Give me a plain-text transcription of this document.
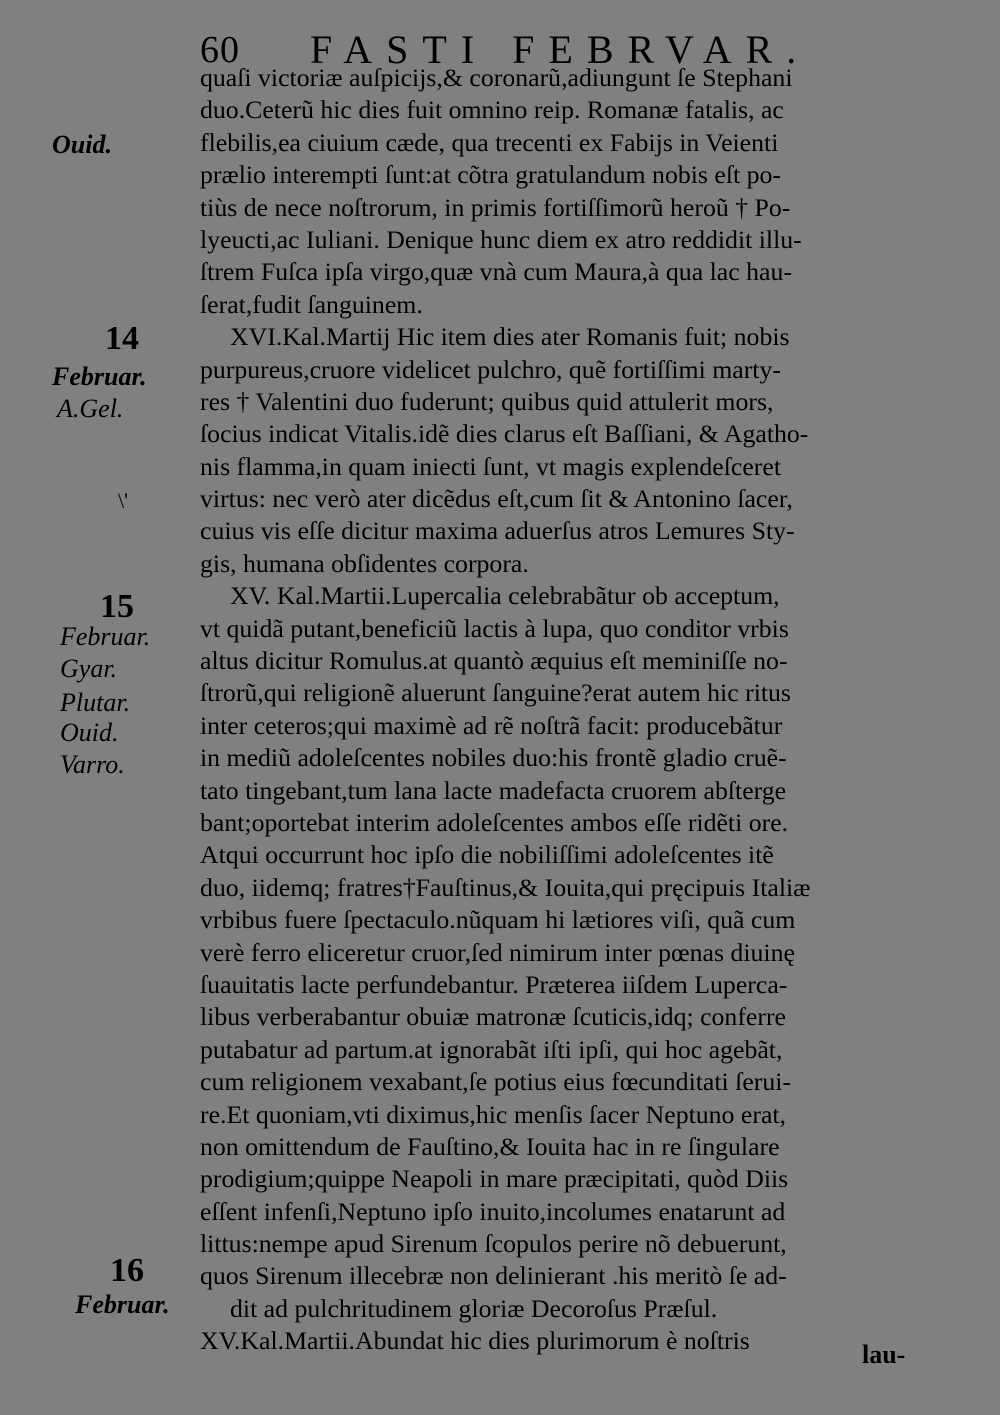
60 FASTI FEBRVAR.
quaſi victoriæ auſpicijs,& coronarũ,adiungunt ſe Stephani
duo.Ceterũ hic dies fuit omnino reip. Romanæ fatalis, ac
flebilis,ea ciuium cæde, qua trecenti ex Fabijs in Veienti
prælio interempti ſunt:at cõtra gratulandum nobis eſt po-
tiùs de nece noſtrorum, in primis fortiſſimorũ heroũ † Po-
lyeucti,ac Iuliani. Denique hunc diem ex atro reddidit illu-
ſtrem Fuſca ipſa virgo,quæ vnà cum Maura,à qua lac hau-
ſerat,fudit ſanguinem.
XVI.Kal.Martij Hic item dies ater Romanis fuit; nobis
purpureus,cruore videlicet pulchro, quẽ fortiſſimi marty-
res † Valentini duo fuderunt; quibus quid attulerit mors,
ſocius indicat Vitalis.idẽ dies clarus eſt Baſſiani, & Agatho-
nis flamma,in quam iniecti ſunt, vt magis explendeſceret
virtus: nec verò ater dicẽdus eſt,cum ſit & Antonino ſacer,
cuius vis eſſe dicitur maxima aduerſus atros Lemures Sty-
gis, humana obſidentes corpora.
XV. Kal.Martii.Lupercalia celebrabãtur ob acceptum,
vt quidã putant,beneficiũ lactis à lupa, quo conditor vrbis
altus dicitur Romulus.at quantò æquius eſt meminiſſe no-
ſtrorũ,qui religionẽ aluerunt ſanguine?erat autem hic ritus
inter ceteros;qui maximè ad rẽ noſtrã facit: producebãtur
in mediũ adoleſcentes nobiles duo:his frontẽ gladio cruẽ-
tato tingebant,tum lana lacte madefacta cruorem abſterge
bant;oportebat interim adoleſcentes ambos eſſe ridẽti ore.
Atqui occurrunt hoc ipſo die nobiliſſimi adoleſcentes itẽ
duo, iidemq; fratres†Fauſtinus,& Iouita,qui pręcipuis Italiæ
vrbibus fuere ſpectaculo.nũquam hi lætiores viſi, quã cum
verè ferro eliceretur cruor,ſed nimirum inter pœnas diuinę
ſuauitatis lacte perfundebantur. Præterea iiſdem Luperca-
libus verberabantur obuiæ matronæ ſcuticis,idq; conferre
putabatur ad partum.at ignorabãt iſti ipſi, qui hoc agebãt,
cum religionem vexabant,ſe potius eius fœcunditati ſerui-
re.Et quoniam,vti diximus,hic menſis ſacer Neptuno erat,
non omittendum de Fauſtino,& Iouita hac in re ſingulare
prodigium;quippe Neapoli in mare præcipitati, quòd Diis
eſſent infenſi,Neptuno ipſo inuito,incolumes enatarunt ad
littus:nempe apud Sirenum ſcopulos perire nõ debuerunt,
quos Sirenum illecebræ non delinierant .his meritò ſe ad-
dit ad pulchritudinem gloriæ Decoroſus Præſul.
XV.Kal.Martii.Abundat hic dies plurimorum è noſtris
Ouid.
14
Februar.
A.Gel.
\'
15
Februar.
Gyar.
Plutar.
Ouid.
Varro.
16
Februar.
lau-
